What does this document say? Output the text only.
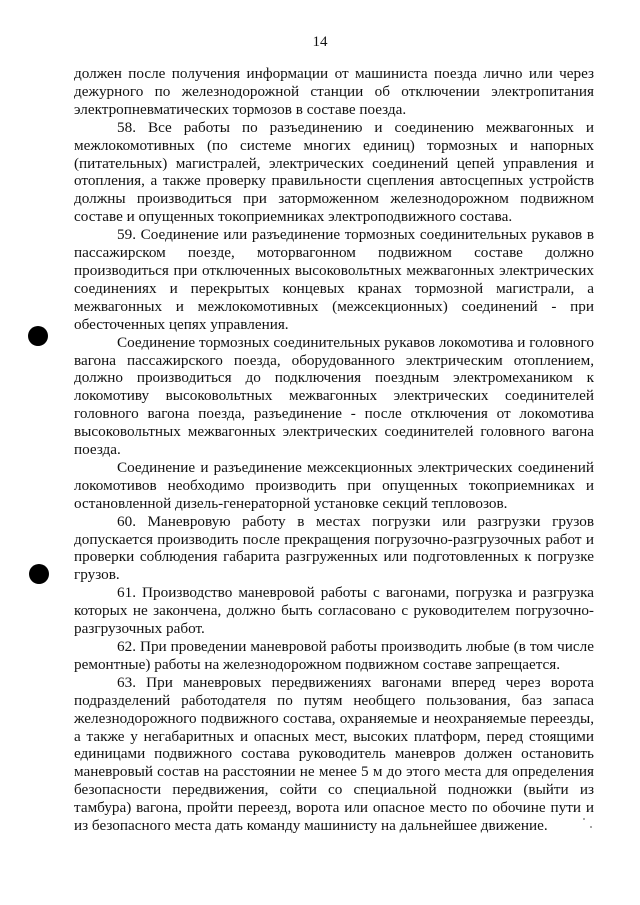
14

должен после получения информации от машиниста поезда лично или через дежурного по железнодорожной станции об отключении электропитания электропневматических тормозов в составе поезда.

58. Все работы по разъединению и соединению межвагонных и межлокомотивных (по системе многих единиц) тормозных и напорных (питательных) магистралей, электрических соединений цепей управления и отопления, а также проверку правильности сцепления автосцепных устройств должны производиться при заторможенном железнодорожном подвижном составе и опущенных токоприемниках электроподвижного состава.

59. Соединение или разъединение тормозных соединительных рукавов в пассажирском поезде, моторвагонном подвижном составе должно производиться при отключенных высоковольтных межвагонных электрических соединениях и перекрытых концевых кранах тормозной магистрали, а межвагонных и межлокомотивных (межсекционных) соединений - при обесточенных цепях управления.

Соединение тормозных соединительных рукавов локомотива и головного вагона пассажирского поезда, оборудованного электрическим отоплением, должно производиться до подключения поездным электромехаником к локомотиву высоковольтных межвагонных электрических соединителей головного вагона поезда, разъединение - после отключения от локомотива высоковольтных межвагонных электрических соединителей головного вагона поезда.

Соединение и разъединение межсекционных электрических соединений локомотивов необходимо производить при опущенных токоприемниках и остановленной дизель-генераторной установке секций тепловозов.

60. Маневровую работу в местах погрузки или разгрузки грузов допускается производить после прекращения погрузочно-разгрузочных работ и проверки соблюдения габарита разгруженных или подготовленных к погрузке грузов.

61. Производство маневровой работы с вагонами, погрузка и разгрузка которых не закончена, должно быть согласовано с руководителем погрузочно-разгрузочных работ.

62. При проведении маневровой работы производить любые (в том числе ремонтные) работы на железнодорожном подвижном составе запрещается.

63. При маневровых передвижениях вагонами вперед через ворота подразделений работодателя по путям необщего пользования, баз запаса железнодорожного подвижного состава, охраняемые и неохраняемые переезды, а также у негабаритных и опасных мест, высоких платформ, перед стоящими единицами подвижного состава руководитель маневров должен остановить маневровый состав на расстоянии не менее 5 м до этого места для определения безопасности передвижения, сойти со специальной подножки (выйти из тамбура) вагона, пройти переезд, ворота или опасное место по обочине пути и из безопасного места дать команду машинисту на дальнейшее движение.
